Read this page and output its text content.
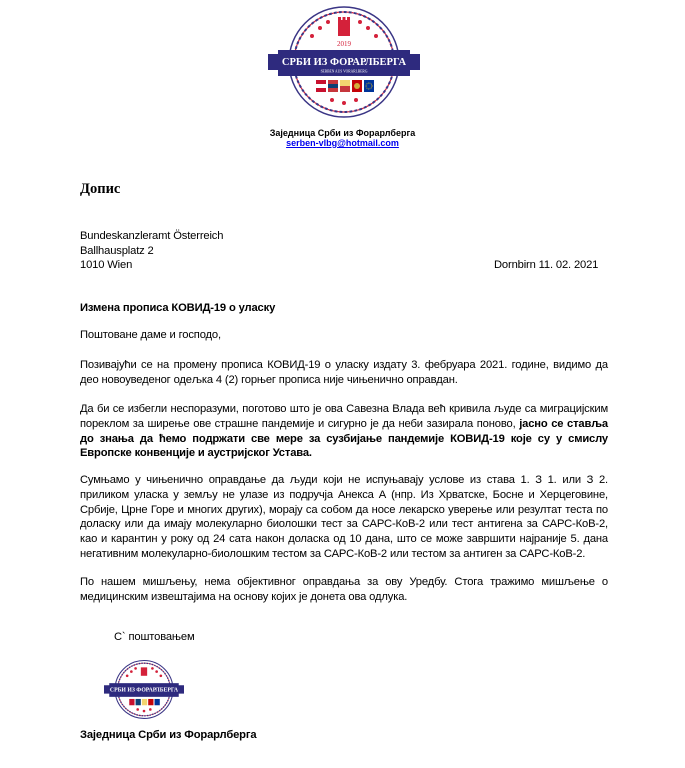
2019
СРБИ ИЗ ФОРАРЛБЕРГА
SERBEN AUS VORARLBERG
Заједница Срби из Форарлберга
serben-vlbg@hotmail.com
Допис
Bundeskanzleramt Österreich
Ballhausplatz 2
1010 Wien	Dornbirn 11. 02. 2021
Измена прописа КОВИД-19 о уласку
Поштоване даме и господо,
Позивајући се на промену прописа КОВИД-19 о уласку издату 3. фебруара 2021. године, видимо да део новоуведеног одељка 4 (2) горњег прописа није чињенично оправдан.
Да би се избегли неспоразуми, поготово што је ова Савезна Влада већ кривила људе са миграцијским пореклом за ширење ове страшне пандемије и сигурно је да неби зазирала поново, јасно се ставља до знања да ћемо подржати све мере за сузбијање пандемије КОВИД-19 које су у смислу Европске конвенције и аустријског Устава.
Сумњамо у чињенично оправдање да људи који не испуњавају услове из става 1. З 1. или З 2. приликом уласка у земљу не улазе из подручја Анекса А (нпр. Из Хрватске, Босне и Херцеговине, Србије, Црне Горе и многих других), морају са собом да носе лекарско уверење или резултат теста по доласку или да имају молекуларно биолошки тест за САРС-КоВ-2 или тест антигена за САРС-КоВ-2, као и карантин у року од 24 сата након доласка од 10 дана, што се може завршити најраније 5. дана негативним молекуларно-биолошким тестом за САРС-КоВ-2 или тестом за антиген за САРС-КоВ-2.
По нашем мишљењу, нема објективног оправдања за ову Уредбу. Стога тражимо мишљење о медицинским извештајима на основу којих је донета ова одлука.
С` поштовањем
СРБИ ИЗ ФОРАРЛБЕРГА
Заједница Срби из Форарлберга
